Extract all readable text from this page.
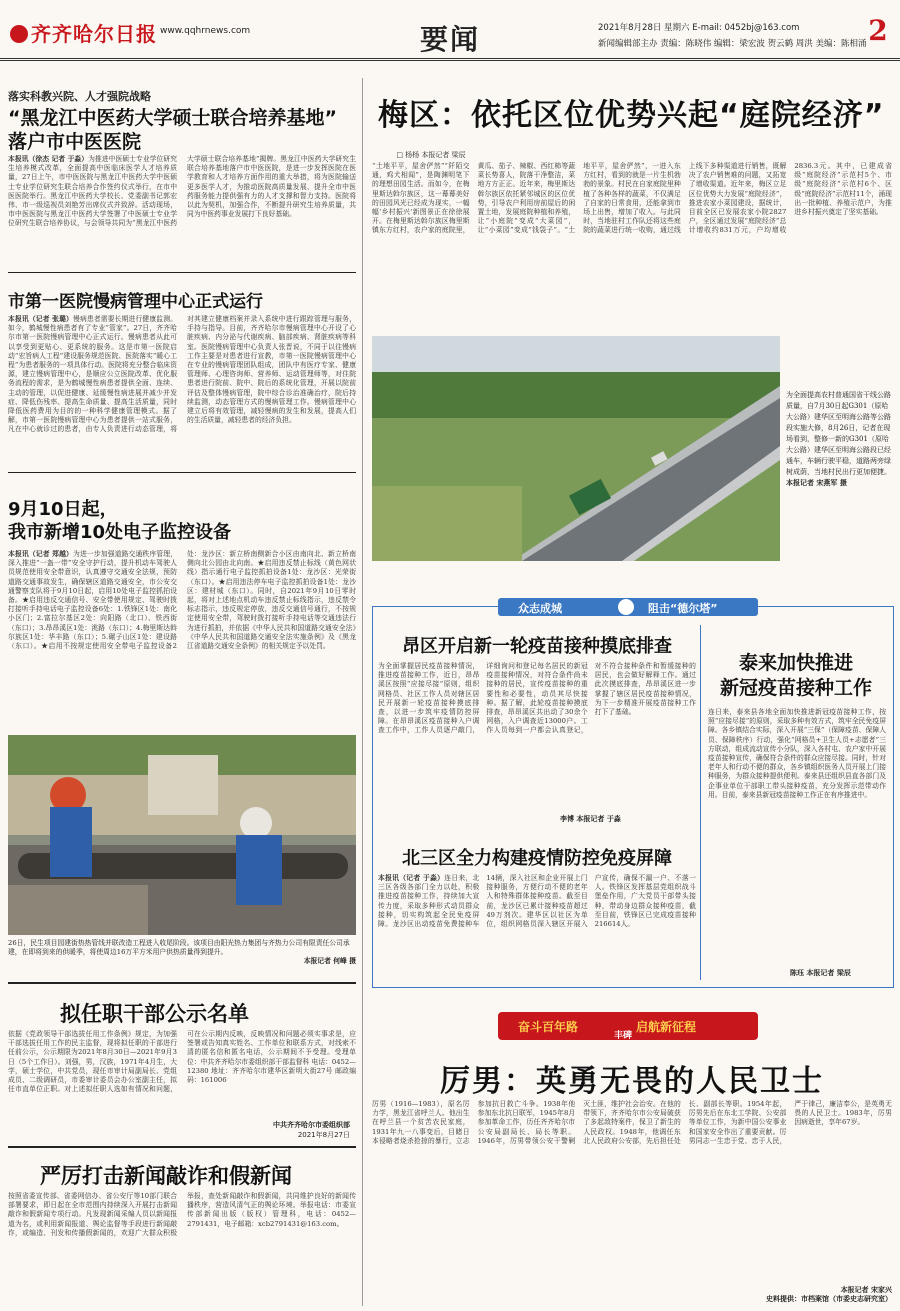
齐齐哈尔日报 www.qqhrnews.com	要闻	2021年8月28日 星期六 E-mail: 0452bj@163.com
新闻编辑部主办 责编：陈晓伟 编辑：梁宏波 贺云鹤 周洪 美编：陈相涌 2
落实科教兴院、人才强院战略
“黑龙江中医药大学硕士联合培养基地”
落户市中医医院
本报讯（徐杰 记者 于淼）为推进中医硕士专业学位研究生培养模式改革，全面提高中医临床医学人才培养质量，27日上午，市中医医院与黑龙江中医药大学中医硕士专业学位研究生联合培养合作签约仪式举行，在市中医医院举行。黑龙江中医药大学校长、党委副书记郭宏伟、市一级巡视员刘艳芳出席仪式并致辞。活动现场，市中医医院与黑龙江中医药大学签署了中医硕士专业学位研究生联合培养协议，与会领导共同为“黑龙江中医药大学硕士联合培养基地”揭牌。黑龙江中医药大学研究生联合培养基地落户市中医医院，是进一步发挥医院在医学教育和人才培养方面作用的重大举措，将为医院输送更多医学人才，为推动医院高质量发展、提升全市中医药服务能力提供强有力的人才支撑和智力支持。医院将以此为契机，加强合作，不断提升研究生培养质量，共同为中医药事业发展打下良好基础。
市第一医院慢病管理中心正式运行
本报讯（记者 张璐）慢病患者需要长期进行健康监测。如今，鹤城慢性病患者有了专业“管家”。27日，齐齐哈尔市第一医院慢病管理中心正式运行。慢病患者从此可以享受到更贴心、更系统的服务。这是市第一医院启动“宏旨病人工程”建设服务规范医院、医院落实“暖心工程”为患者服务的一项具体行动。医院将充分整合临床资源，建立慢病管理中心，是顺应公立医院改革、优化服务流程的需求，是为鹤城慢性病患者提供全面、连续、主动的管理，以促进健康、延缓慢性病进展并减少并发症、降低伤残率、提高生命质量、提高生活质量，同时降低医药费用为目的的一种科学健康管理模式。据了解，市第一医院慢病管理中心为患者提供一站式服务，凡在中心就诊过的患者，由专人负责进行动态管理，将对其建立健康档案并录入系统中进行跟踪管理与服务，手持与指导。目前，齐齐哈尔市慢病管理中心开设了心脏疾病、内分泌与代谢疾病、脑部疾病、肾脏疾病等科室。医院慢病管理中心负责人张晋说，不同于以往慢病工作主要是对患者进行宣教，市第一医院慢病管理中心在专业的慢病管理团队组成，团队中有医疗专家、健康管理师、心理咨询师、营养师、运动管理师等，对住院患者进行院前、院中、院后的系统化管理，开展以院前评估及整体慢病管理，院中综合诊治准确治疗，院后持续监测，动态管理方式的慢病管理工作。慢病管理中心建立后将有效管理，减轻慢病的发生和发展，提高人们的生活质量，减轻患者的经济负担。
9月10日起，
我市新增10处电子监控设备
本报讯（记者 郑越）为进一步加强道路交通秩序管理，深入推进“一盔一带”安全守护行动，提升机动车驾驶人员规范使用安全带意识，认真遵守交通安全法规，预防道路交通事故发生，确保辖区道路交通安全，市公安交通警察支队将于9月10日起，启用10处电子监控抓拍设备。★启用违反交通信号、安全带使用规定、驾驶时拨打接听手持电话电子监控设备6处：1.铁锋区1处：南化小区门；2.富拉尔基区2处：向阳路（北口）、铁西街（东口）；3.昂昂溪区1处：洮路（东口）；4.梅里斯达斡尔族区1处：华丰路（东口）；5.碾子山区1处：建设路（东口）。★启用不按规定使用安全带电子监控设备2处：龙沙区：新立桥南侧新合小区由南向北、新立桥南侧向北公园由北向南。★启用违反禁止标线（黄色网状线）指示通行电子监控抓拍设备1处：龙沙区：光荣街（东口）。★启用违法停车电子监控抓拍设备1处：龙沙区：建材城（东口）。同时，自2021年9月10日零时起，将对上述地点机动车违反禁止标线指示，违反禁令标志指示，违反规定停放，违反交通信号通行，不按规定使用安全带，驾驶时拨打接听手持电话等交通违法行为进行抓拍，并依据《中华人民共和国道路交通安全法》《中华人民共和国道路交通安全法实施条例》及《黑龙江省道路交通安全条例》的相关规定予以处罚。
26日，民生项目园建街热热管线并联改造工程进入收尾阶段。该项目由阳光热力集团与齐热力公司有限责任公司承建，在即将到来的供暖季，将使周边16万平方米用户供热质量得到提升。
本报记者 何峰 摄
拟任职干部公示名单
依据《党政领导干部选拔任用工作条例》规定，为加强干部选拔任用工作的民主监督，现将拟任职的干部进行任前公示，公示期限为2021年8月30日—2021年9月3日（5个工作日）。刘强，男，汉族，1971年4月生，大学，硕士学位，中共党员，现任市审计局副局长、党组成员、二级调研员，市委审计委员会办公室副主任，拟任市直单位正职。对上述拟任职人选如有情况和问题，可在公示期内反映，反映情况和问题必须实事求是，应签署或告知真实姓名、工作单位和联系方式，对线索不清的匿名信和匿名电话，公示期间不予受理。受理单位：中共齐齐哈尔市委组织部干部监督科 电话：0452—12380 地址：齐齐哈尔市建华区新明大街27号 邮政编码：161006
中共齐齐哈尔市委组织部
2021年8月27日
严厉打击新闻敲诈和假新闻
按照省委宣传部、省委网信办、省公安厅等10部门联合部署要求，即日起在全市范围内持续深入开展打击新闻敲诈和假新闻专项行动。凡发现新闻采编人员以新闻报道为名，或利用新闻报道、舆论监督等手段进行新闻敲诈，或编造、刊发和传播假新闻的，欢迎广大群众积极举报，查处新闻敲诈和假新闻，共同维护良好的新闻传播秩序，营造风清气正的舆论环境。举报电话：市委宣传部新闻出版（版权）管理科，电话：0452—2791431，电子邮箱：xcb2791431@163.com。
梅区：依托区位优势兴起“庭院经济”
□ 杨杨 本报记者 梁辰
“土地平平，屋舍俨然”“阡陌交通，鸡犬相闻”，是陶渊明笔下的理想田园生活。而如今，在梅里斯达斡尔族区，这一幕幕美好的田园风光已经成为现实，一幅幅‘乡村振兴’新图景正在徐徐展开。在梅里斯达斡尔族区梅里斯镇东方红村，农户家的庭院里，黄瓜、茄子、辣椒、西红柿等蔬菜长势喜人，院落干净整洁，菜地方方正正。近年来，梅里斯达斡尔族区依托紧邻城区的区位优势，引导农户利用房前屋后的闲置土地，发展庭院种植和养殖，让“小庭院”变成“大菜园”，让“小菜园”变成“钱袋子”。“土地平平，屋舍俨然”，一进入东方红村，看到的就是一片生机勃勃的景象。村民在自家庭院里种植了各种各样的蔬菜，不仅满足了自家的日常食用，还能拿到市场上出售，增加了收入。与此同时，当地驻村工作队还将这些庭院的蔬菜进行统一收购，通过线上线下多种渠道进行销售，既解决了农户销售难的问题，又拓宽了增收渠道。近年来，梅区立足区位优势大力发展“庭院经济”，推进农家小菜园建设，据统计，目前全区已发展农家小院2827户，全区通过发展“庭院经济”总计增收约831万元，户均增收2836.3元。其中，已建成省级“庭院经济”示范村5个、市级“庭院经济”示范村6个、区级“庭院经济”示范村11个，涌现出一批种植、养殖示范户，为推进乡村振兴奠定了坚实基础。
为全面提高农村普通国省干线公路质量，自7月30日起G301（原哈大公路）建华区至明海公路等公路段实施大修，8月26日，记者在现场看到，整修一新的G301（原哈大公路）建华区至明海公路段已经通车，车辆行驶平稳，道路两旁绿树成荫，当地村民出行更加便捷。
本报记者 宋燕军 摄
众志成城	阻击“德尔塔”
昂区开启新一轮疫苗接种摸底排查
为全面掌握居民疫苗接种情况，推进疫苗接种工作，近日，昂昂溪区按照“应接尽接”原则，组织网格员、社区工作人员对辖区居民开展新一轮疫苗接种摸底排查，以进一步筑牢疫情防控屏障。在昂昂溪区疫苗接种入户调查工作中，工作人员逐户敲门，详细询问和登记每名居民的新冠疫苗接种情况，对符合条件尚未接种的居民，宣传疫苗接种的重要性和必要性，动员其尽快接种。据了解，此轮疫苗接种摸底排查，昂昂溪区共出动了30余个网格，入户调查近13000户。工作人员每到一户都会认真登记，对不符合接种条件和暂缓接种的居民，也会做好解释工作。通过此次摸底排查，昂昂溪区进一步掌握了辖区居民疫苗接种情况，为下一步精准开展疫苗接种工作打下了基础。
李博 本报记者 于淼
北三区全力构建疫情防控免疫屏障
本报讯（记者 于淼）连日来，北三区各级各部门全力以赴，积极推进疫苗接种工作，持续加大宣传力度，采取多种形式动员群众接种，切实构筑起全民免疫屏障。龙沙区出动疫苗免费接种车14辆，深入社区和企业开展上门接种服务，方便行动不便的老年人和特殊群体接种疫苗。截至目前，龙沙区已累计接种疫苗超过49万剂次。建华区以社区为单位，组织网格员深入辖区开展入户宣传，确保不漏一户、不落一人。铁锋区发挥基层党组织战斗堡垒作用，广大党员干部带头接种，带动身边群众接种疫苗，截至目前，铁锋区已完成疫苗接种216614人。
泰来加快推进
新冠疫苗接种工作
连日来，泰来县各地全面加快推进新冠疫苗接种工作，按照“应接尽接”的原则，采取多种有效方式，筑牢全民免疫屏障。各乡镇结合实际，深入开展“三保”（保障疫苗、保障人员、保障秩序）行动，强化“网格员+卫生人员+志愿者”三方联动，组成流动宣传小分队，深入各村屯、农户家中开展疫苗接种宣传，确保符合条件的群众应接尽接。同时，针对老年人和行动不便的群众，各乡镇组织医务人员开展上门接种服务，为群众接种提供便利。泰来县还组织县直各部门及企事业单位干部职工带头接种疫苗，充分发挥示范带动作用。目前，泰来县新冠疫苗接种工作正在有序推进中。
陈珏 本报记者 梁辰
奋斗百年路	启航新征程
丰碑
厉男：英勇无畏的人民卫士
厉男（1916—1983），原名厉力学，黑龙江省呼兰人。他出生在呼兰县一个贫苦农民家庭，1931年九一八事变后，目睹日本侵略者烧杀抢掠的暴行，立志参加抗日救亡斗争。1938年他参加东北抗日联军，1945年8月参加革命工作，历任齐齐哈尔市公安局副局长、局长等职。1946年，厉男带领公安干警剿灭土匪，维护社会治安。在他的带领下，齐齐哈尔市公安局破获了多起敌特案件，保卫了新生的人民政权。1948年，他调任东北人民政府公安部，先后担任处长、副部长等职。1954年起，厉男先后在东北工学院、公安部等单位工作，为新中国公安事业和国家安全作出了重要贡献。厉男同志一生忠于党、忠于人民，严于律己，廉洁奉公，是英勇无畏的人民卫士。1983年，厉男因病逝世，享年67岁。
本报记者 宋家兴
史料提供：市档案馆（市委史志研究室）
